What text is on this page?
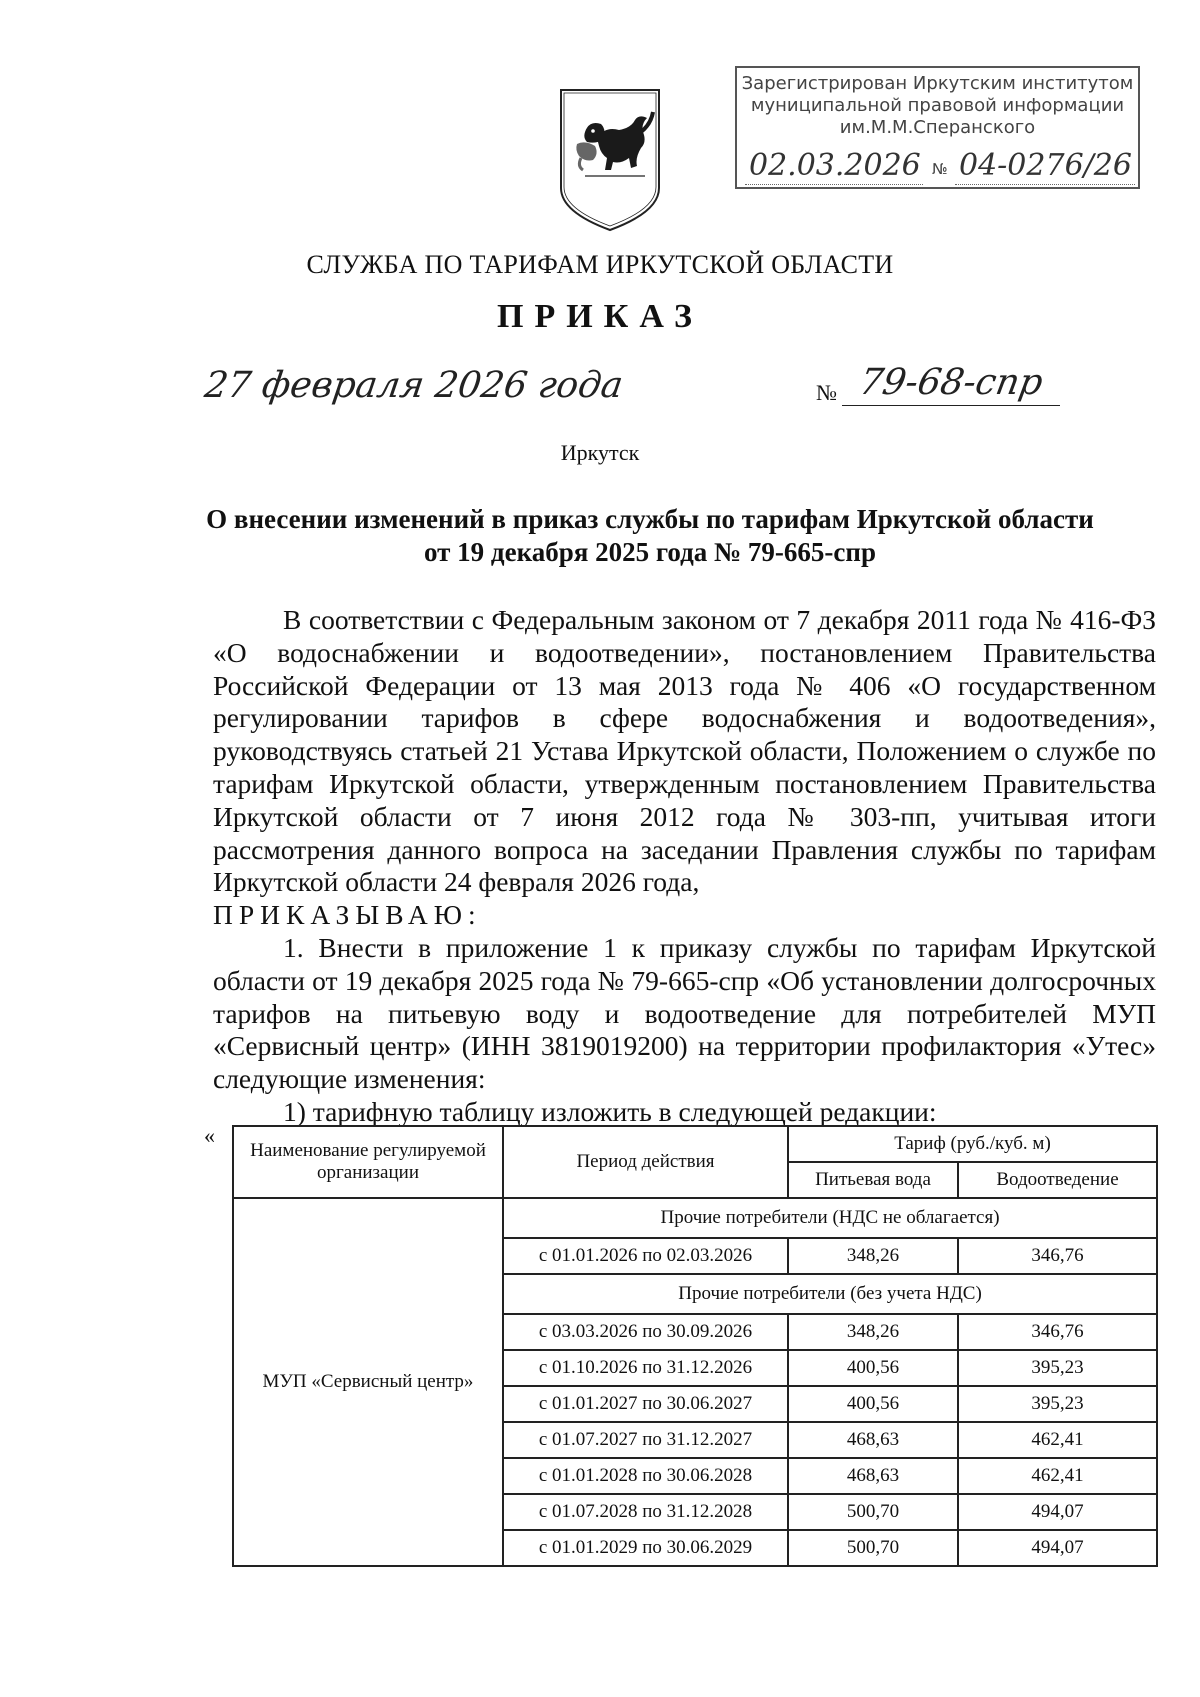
Зарегистрирован Иркутским институтом
муниципальной правовой информации
им.М.М.Сперанского
02.03.2026 № 04-0276/26
СЛУЖБА ПО ТАРИФАМ ИРКУТСКОЙ ОБЛАСТИ
ПРИКАЗ
27 февраля 2026 года	№ 79-68-спр
Иркутск
О внесении изменений в приказ службы по тарифам Иркутской области
от 19 декабря 2025 года № 79-665-спр

В соответствии с Федеральным законом от 7 декабря 2011 года № 416-ФЗ «О водоснабжении и водоотведении», постановлением Правительства Российской Федерации от 13 мая 2013 года № 406 «О государственном регулировании тарифов в сфере водоснабжения и водоотведения», руководствуясь статьей 21 Устава Иркутской области, Положением о службе по тарифам Иркутской области, утвержденным постановлением Правительства Иркутской области от 7 июня 2012 года № 303-пп, учитывая итоги рассмотрения данного вопроса на заседании Правления службы по тарифам Иркутской области 24 февраля 2026 года,

ПРИКАЗЫВАЮ:

1. Внести в приложение 1 к приказу службы по тарифам Иркутской области от 19 декабря 2025 года № 79-665-спр «Об установлении долгосрочных тарифов на питьевую воду и водоотведение для потребителей МУП «Сервисный центр» (ИНН 3819019200) на территории профилактория «Утес» следующие изменения:

1) тарифную таблицу изложить в следующей редакции:

«
Наименование регулируемой организации	Период действия	Тариф (руб./куб. м)	
		Питьевая вода	Водоотведение
МУП «Сервисный центр»	Прочие потребители (НДС не облагается)		
	с 01.01.2026 по 02.03.2026	348,26	346,76
	Прочие потребители (без учета НДС)		
	с 03.03.2026 по 30.09.2026	348,26	346,76
	с 01.10.2026 по 31.12.2026	400,56	395,23
	с 01.01.2027 по 30.06.2027	400,56	395,23
	с 01.07.2027 по 31.12.2027	468,63	462,41
	с 01.01.2028 по 30.06.2028	468,63	462,41
	с 01.07.2028 по 31.12.2028	500,70	494,07
	с 01.01.2029 по 30.06.2029	500,70	494,07
